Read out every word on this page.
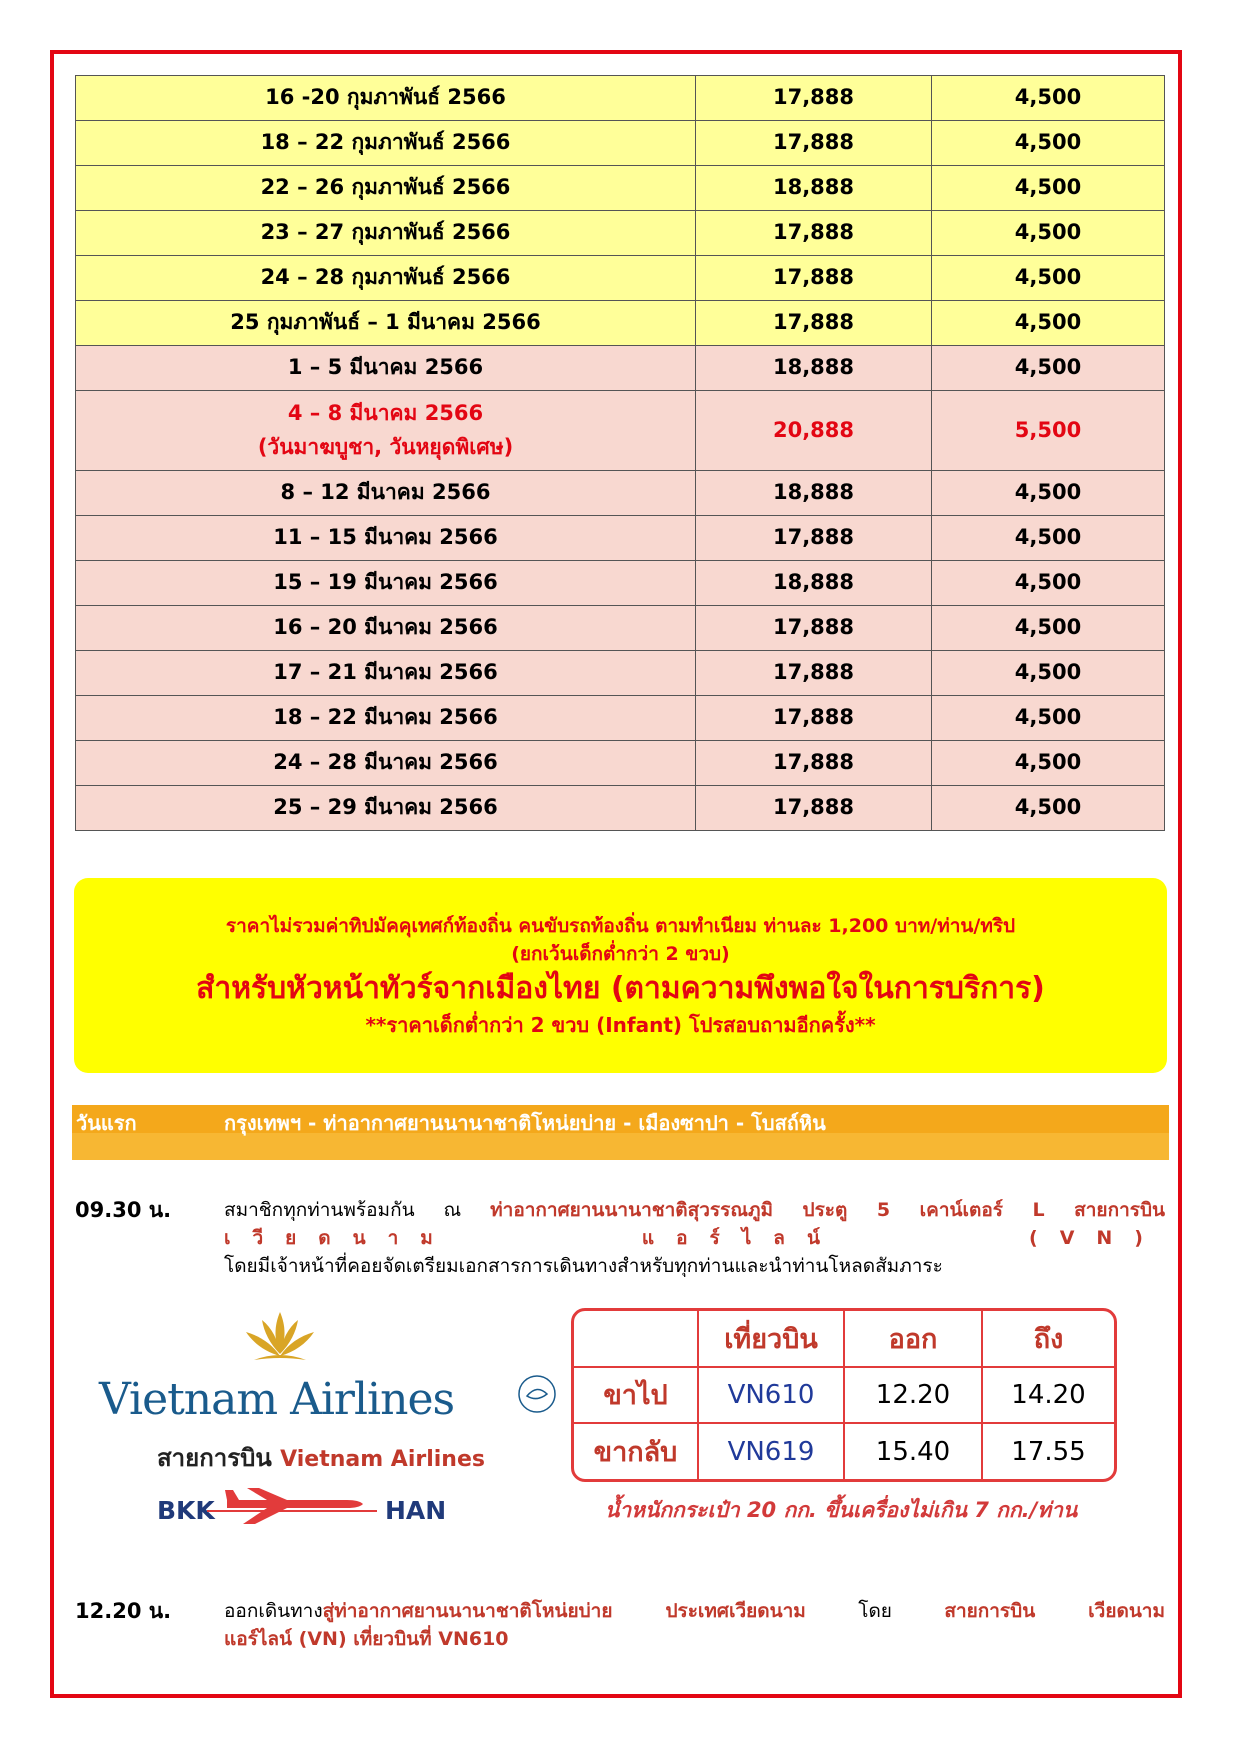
16 -20 กุมภาพันธ์ 2566	17,888	4,500

18 – 22 กุมภาพันธ์ 2566	17,888	4,500

22 – 26 กุมภาพันธ์ 2566	18,888	4,500

23 – 27 กุมภาพันธ์ 2566	17,888	4,500

24 – 28 กุมภาพันธ์ 2566	17,888	4,500

25 กุมภาพันธ์ – 1 มีนาคม 2566	17,888	4,500

1 – 5 มีนาคม 2566	18,888	4,500

4 – 8 มีนาคม 2566
(วันมาฆบูชา, วันหยุดพิเศษ)	20,888	5,500

8 – 12 มีนาคม 2566	18,888	4,500

11 – 15 มีนาคม 2566	17,888	4,500

15 – 19 มีนาคม 2566	18,888	4,500

16 – 20 มีนาคม 2566	17,888	4,500

17 – 21 มีนาคม 2566	17,888	4,500

18 – 22 มีนาคม 2566	17,888	4,500

24 – 28 มีนาคม 2566	17,888	4,500

25 – 29 มีนาคม 2566	17,888	4,500
ราคาไม่รวมค่าทิปมัคคุเทศก์ท้องถิ่น คนขับรถท้องถิ่น ตามทำเนียม ท่านละ 1,200 บาท/ท่าน/ทริป
(ยกเว้นเด็กต่ำกว่า 2 ขวบ)
สำหรับหัวหน้าทัวร์จากเมืองไทย (ตามความพึงพอใจในการบริการ)
**ราคาเด็กต่ำกว่า 2 ขวบ (Infant) โปรสอบถามอีกครั้ง**
วันแรก	กรุงเทพฯ - ท่าอากาศยานนานาชาติโหน่ยบ่าย - เมืองซาปา - โบสถ์หิน
09.30 น.	สมาชิกทุกท่านพร้อมกัน ณ ท่าอากาศยานนานาชาติสุวรรณภูมิ ประตู 5 เคาน์เตอร์ L สายการบิน
เวียดนาม แอร์ไลน์ (VN)
โดยมีเจ้าหน้าที่คอยจัดเตรียมเอกสารการเดินทางสำหรับทุกท่านและนำท่านโหลดสัมภาระ
Vietnam Airlines
สายการบิน Vietnam Airlines
BKK	HAN
	เที่ยวบิน	ออก	ถึง
ขาไป	VN610	12.20	14.20
ขากลับ	VN619	15.40	17.55
น้ำหนักกระเป๋า 20 กก. ขึ้นเครื่องไม่เกิน 7 กก./ท่าน
12.20 น.	ออกเดินทางสู่ท่าอากาศยานนานาชาติโหน่ยบ่าย ประเทศเวียดนาม โดย สายการบิน เวียดนาม
แอร์ไลน์ (VN) เที่ยวบินที่ VN610
